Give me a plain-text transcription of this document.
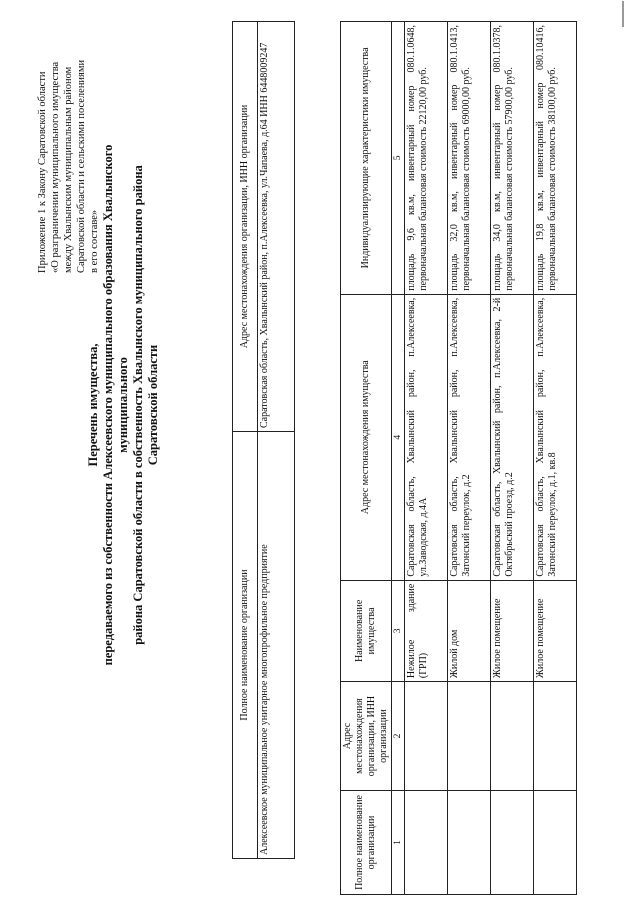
Приложение 1 к Закону Саратовской области «О разграничении муниципального имущества между Хвалынским муниципальным районом Саратовской области и сельскими поселениями в его составе»

Перечень имущества, передаваемого из собственности Алексеевского муниципального образования Хвалынского муниципального района Саратовской области в собственность Хвалынского муниципального района Саратовской области
Полное наименование организации	Адрес местонахождения организации, ИНН организации
Алексеевское муниципальное унитарное многопрофильное предприятие	Саратовская область, Хвалынский район, п.Алексеевка, ул.Чапаева, д.64 ИНН 6448009247
Полное наименование организации	Адрес местонахождения организации, ИНН организации	Наименование имущества	Адрес местонахождения имущества	Индивидуализирующие характеристики имущества
1	2	3	4	5
		Нежилое здание (ГРП)	Саратовская область, Хвалынский район, п.Алексеевка, ул.Заводская, д.4А	площадь 9,6 кв.м, инвентарный номер 080.1.0648, первоначальная балансовая стоимость 22120,00 руб.
		Жилой дом	Саратовская область, Хвалынский район, п.Алексеевка, Затонский переулок, д.2	площадь 32,0 кв.м, инвентарный номер 080.1.0413, первоначальная балансовая стоимость 69000,00 руб.
		Жилое помещение	Саратовская область, Хвалынский район, п.Алексеевка, 2-й Октябрьский проезд, д.2	площадь 34,0 кв.м, инвентарный номер 080.1.0378, первоначальная балансовая стоимость 57900,00 руб.
		Жилое помещение	Саратовская область, Хвалынский район, п.Алексеевка, Затонский переулок, д.1, кв.8	площадь 19,8 кв.м, инвентарный номер 080.10416, первоначальная балансовая стоимость 38100,00 руб.
